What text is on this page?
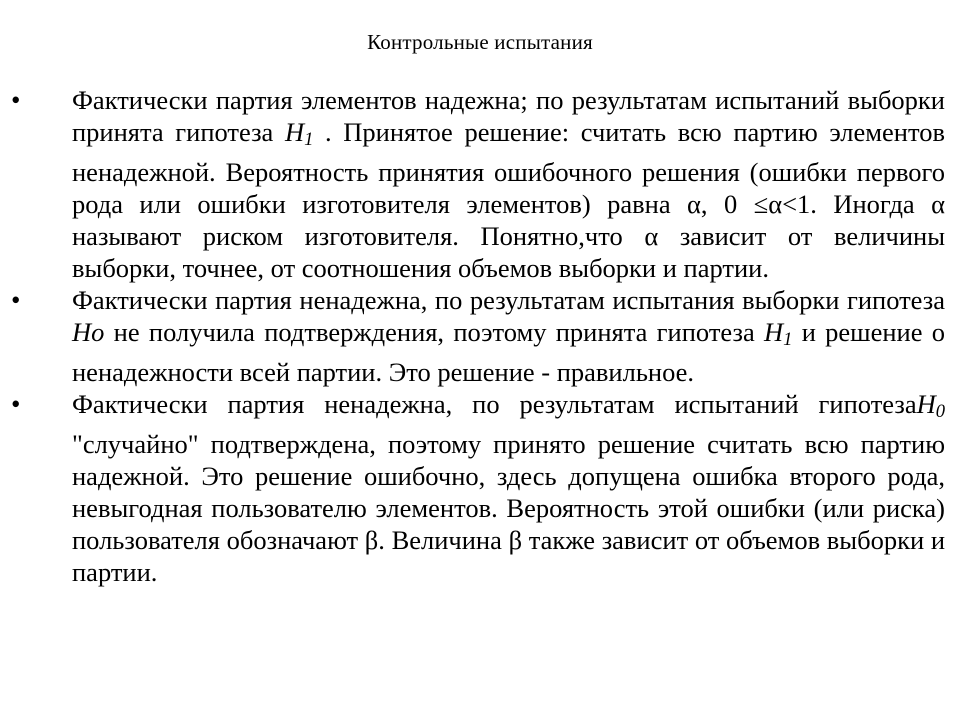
Контрольные испытания
•	Фактически партия элементов надежна; по результатам испытаний выборки принята гипотеза $H_1$ . Принятое решение: считать всю партию элементов ненадежной. Вероятность принятия ошибочного решения (ошибки первого рода или ошибки изготовителя элементов) равна α, 0 ≤α<1. Иногда α называют риском изготовителя. Понятно,что α зависит от величины выборки, точнее, от соотношения объемов выборки и партии.
•	Фактически партия ненадежна, по результатам испытания выборки гипотеза Но не получила подтверждения, поэтому принята гипотеза $H_1$ и решение о ненадежности всей партии. Это решение - правильное.
•	Фактически партия ненадежна, по результатам испытаний гипотезаH$_0$ "случайно" подтверждена, поэтому принято решение считать всю партию надежной. Это решение ошибочно, здесь допущена ошибка второго рода, невыгодная пользователю элементов. Вероятность этой ошибки (или риска) пользователя обозначают β. Величина β также зависит от объемов выборки и партии.
